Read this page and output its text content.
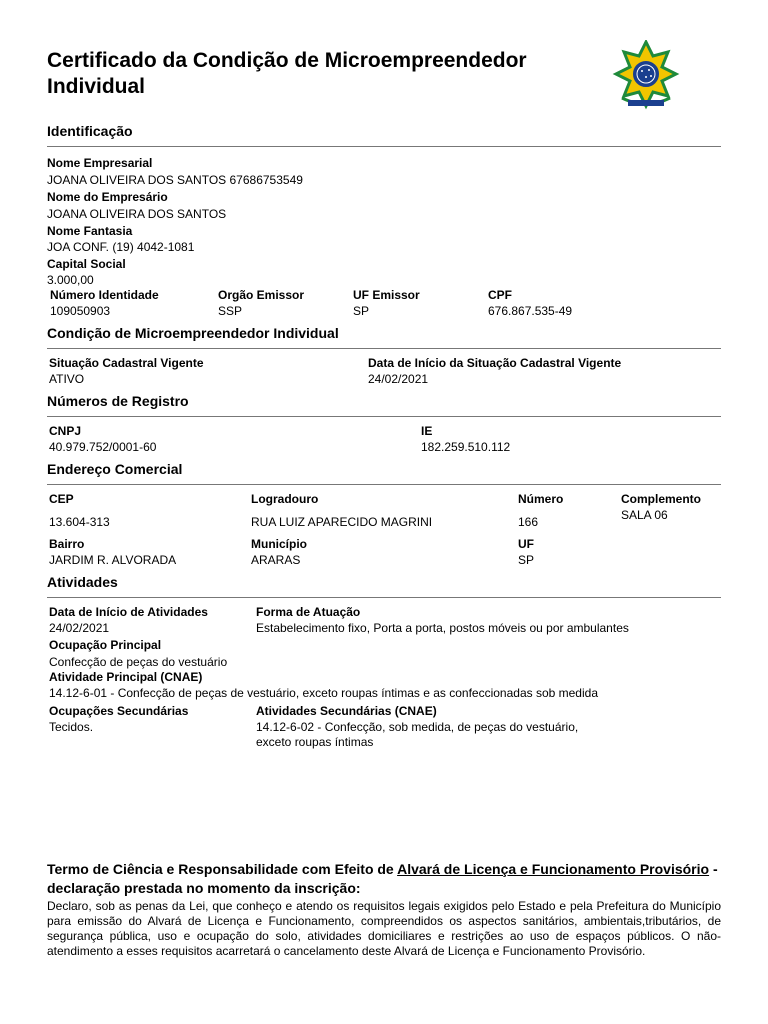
Certificado da Condição de Microempreendedor Individual
Identificação
Nome Empresarial
JOANA OLIVEIRA DOS SANTOS 67686753549
Nome do Empresário
JOANA OLIVEIRA DOS SANTOS
Nome Fantasia
JOA CONF. (19) 4042-1081
Capital Social
3.000,00
Número Identidade
109050903
Orgão Emissor
SSP
UF Emissor
SP
CPF
676.867.535-49
Condição de Microempreendedor Individual
Situação Cadastral Vigente
ATIVO
Data de Início da Situação Cadastral Vigente
24/02/2021
Números de Registro
CNPJ
40.979.752/0001-60
IE
182.259.510.112
Endereço Comercial
CEP
13.604-313
Logradouro
RUA LUIZ APARECIDO MAGRINI
Número
166
Complemento
SALA 06
Bairro
JARDIM R. ALVORADA
Município
ARARAS
UF
SP
Atividades
Data de Início de Atividades
24/02/2021
Forma de Atuação
Estabelecimento fixo, Porta a porta, postos móveis ou por ambulantes
Ocupação Principal
Confecção de peças do vestuário
Atividade Principal (CNAE)
14.12-6-01 - Confecção de peças de vestuário, exceto roupas íntimas e as confeccionadas sob medida
Ocupações Secundárias
Tecidos.
Atividades Secundárias (CNAE)
14.12-6-02 - Confecção, sob medida, de peças do vestuário,
exceto roupas íntimas
Termo de Ciência e Responsabilidade com Efeito de Alvará de Licença e Funcionamento Provisório - declaração prestada no momento da inscrição:
Declaro, sob as penas da Lei, que conheço e atendo os requisitos legais exigidos pelo Estado e pela Prefeitura do Município para emissão do Alvará de Licença e Funcionamento, compreendidos os aspectos sanitários, ambientais,tributários, de segurança pública, uso e ocupação do solo, atividades domiciliares e restrições ao uso de espaços públicos. O não-atendimento a esses requisitos acarretará o cancelamento deste Alvará de Licença e Funcionamento Provisório.
